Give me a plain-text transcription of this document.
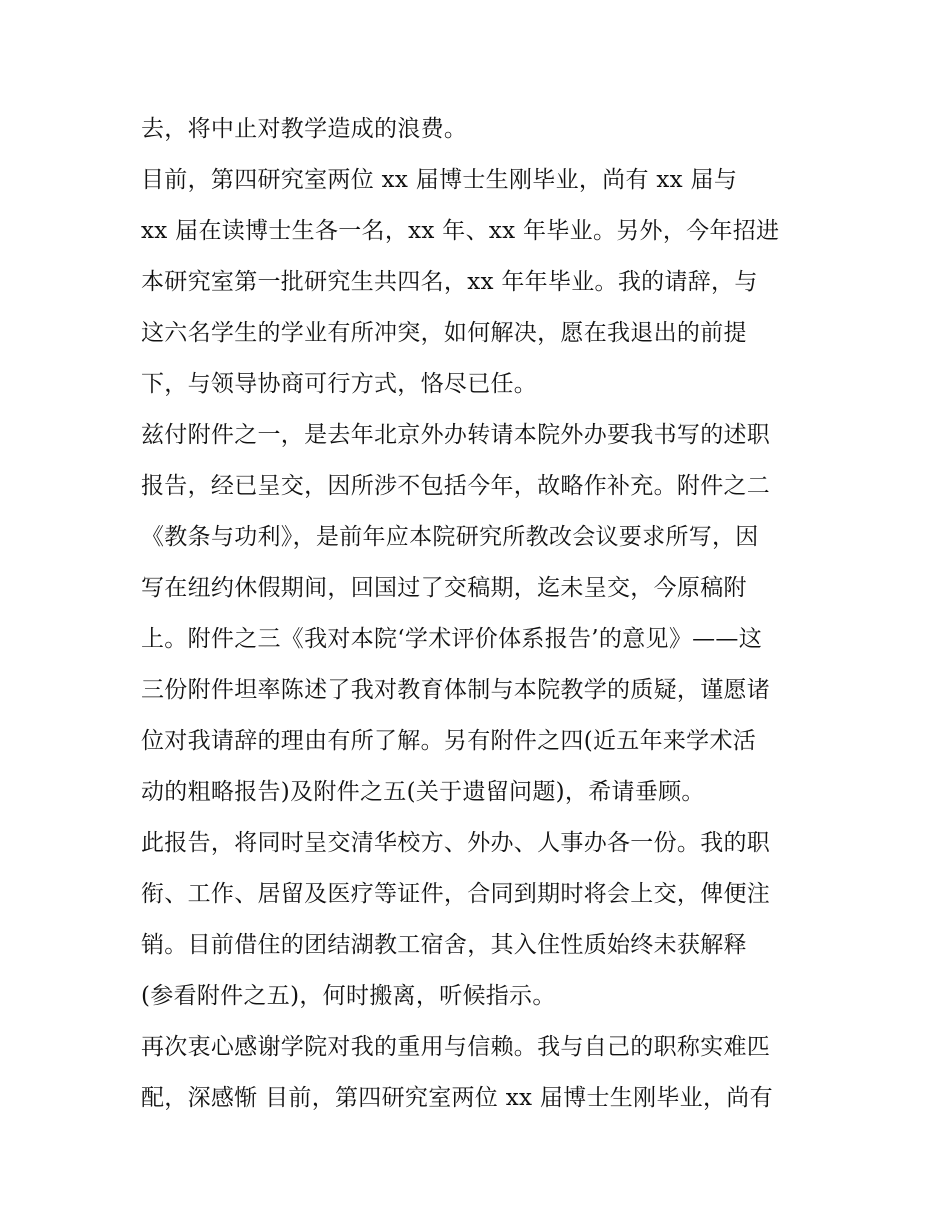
去，将中止对教学造成的浪费。
目前，第四研究室两位 xx 届博士生刚毕业，尚有 xx 届与
xx 届在读博士生各一名，xx 年、xx 年毕业。另外，今年招进
本研究室第一批研究生共四名，xx 年年毕业。我的请辞，与
这六名学生的学业有所冲突，如何解决，愿在我退出的前提
下，与领导协商可行方式，恪尽已任。
兹付附件之一，是去年北京外办转请本院外办要我书写的述职
报告，经已呈交，因所涉不包括今年，故略作补充。附件之二
《教条与功利》，是前年应本院研究所教改会议要求所写，因
写在纽约休假期间，回国过了交稿期，迄未呈交，今原稿附
上。附件之三《我对本院‘学术评价体系报告’的意见》——这
三份附件坦率陈述了我对教育体制与本院教学的质疑，谨愿诸
位对我请辞的理由有所了解。另有附件之四(近五年来学术活
动的粗略报告)及附件之五(关于遗留问题)，希请垂顾。
此报告，将同时呈交清华校方、外办、人事办各一份。我的职
衔、工作、居留及医疗等证件，合同到期时将会上交，俾便注
销。目前借住的团结湖教工宿舍，其入住性质始终未获解释
(参看附件之五)，何时搬离，听候指示。
再次衷心感谢学院对我的重用与信赖。我与自己的职称实难匹
配，深感惭 目前，第四研究室两位 xx 届博士生刚毕业，尚有
